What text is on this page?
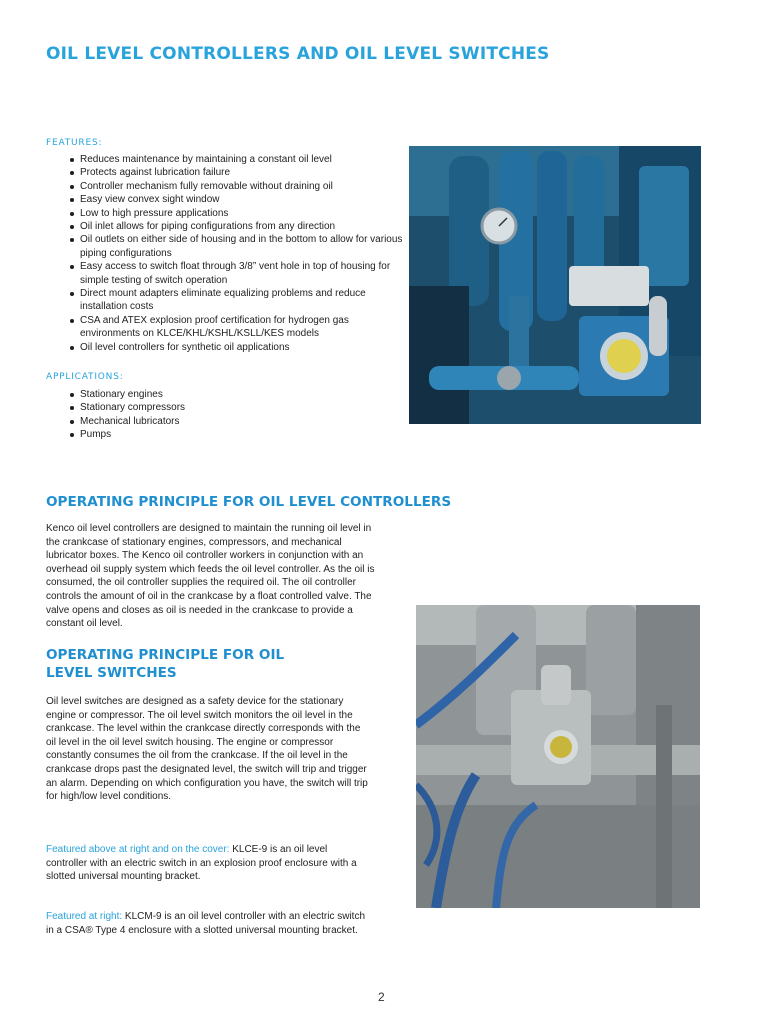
OIL LEVEL CONTROLLERS AND OIL LEVEL SWITCHES
FEATURES:
Reduces maintenance by maintaining a constant oil level
Protects against lubrication failure
Controller mechanism fully removable without draining oil
Easy view convex sight window
Low to high pressure applications
Oil inlet allows for piping configurations from any direction
Oil outlets on either side of housing and in the bottom to allow for various piping configurations
Easy access to switch float through 3/8” vent hole in top of housing for simple testing of switch operation
Direct mount adapters eliminate equalizing problems and reduce installation costs
CSA and ATEX explosion proof certification for hydrogen gas environments on KLCE/KHL/KSHL/KSLL/KES models
Oil level controllers for synthetic oil applications
APPLICATIONS:
Stationary engines
Stationary compressors
Mechanical lubricators
Pumps
OPERATING PRINCIPLE FOR OIL LEVEL CONTROLLERS
Kenco oil level controllers are designed to maintain the running oil level in the crankcase of stationary engines, compressors, and mechanical lubricator boxes. The Kenco oil controller workers in conjunction with an overhead oil supply system which feeds the oil level controller. As the oil is consumed, the oil controller supplies the required oil. The oil controller controls the amount of oil in the crankcase by a float controlled valve. The valve opens and closes as oil is needed in the crankcase to provide a constant oil level.
OPERATING PRINCIPLE FOR OIL
LEVEL SWITCHES
Oil level switches are designed as a safety device for the stationary engine or compressor. The oil level switch monitors the oil level in the crankcase. The level within the crankcase directly corresponds with the oil level in the oil level switch housing. The engine or compressor constantly consumes the oil from the crankcase. If the oil level in the crankcase drops past the designated level, the switch will trip and trigger an alarm. Depending on which configuration you have, the switch will trip for high/low level conditions.
Featured above at right and on the cover: KLCE-9 is an oil level controller with an electric switch in an explosion proof enclosure with a slotted universal mounting bracket.
Featured at right: KLCM-9 is an oil level controller with an electric switch in a CSA® Type 4 enclosure with a slotted universal mounting bracket.
2
